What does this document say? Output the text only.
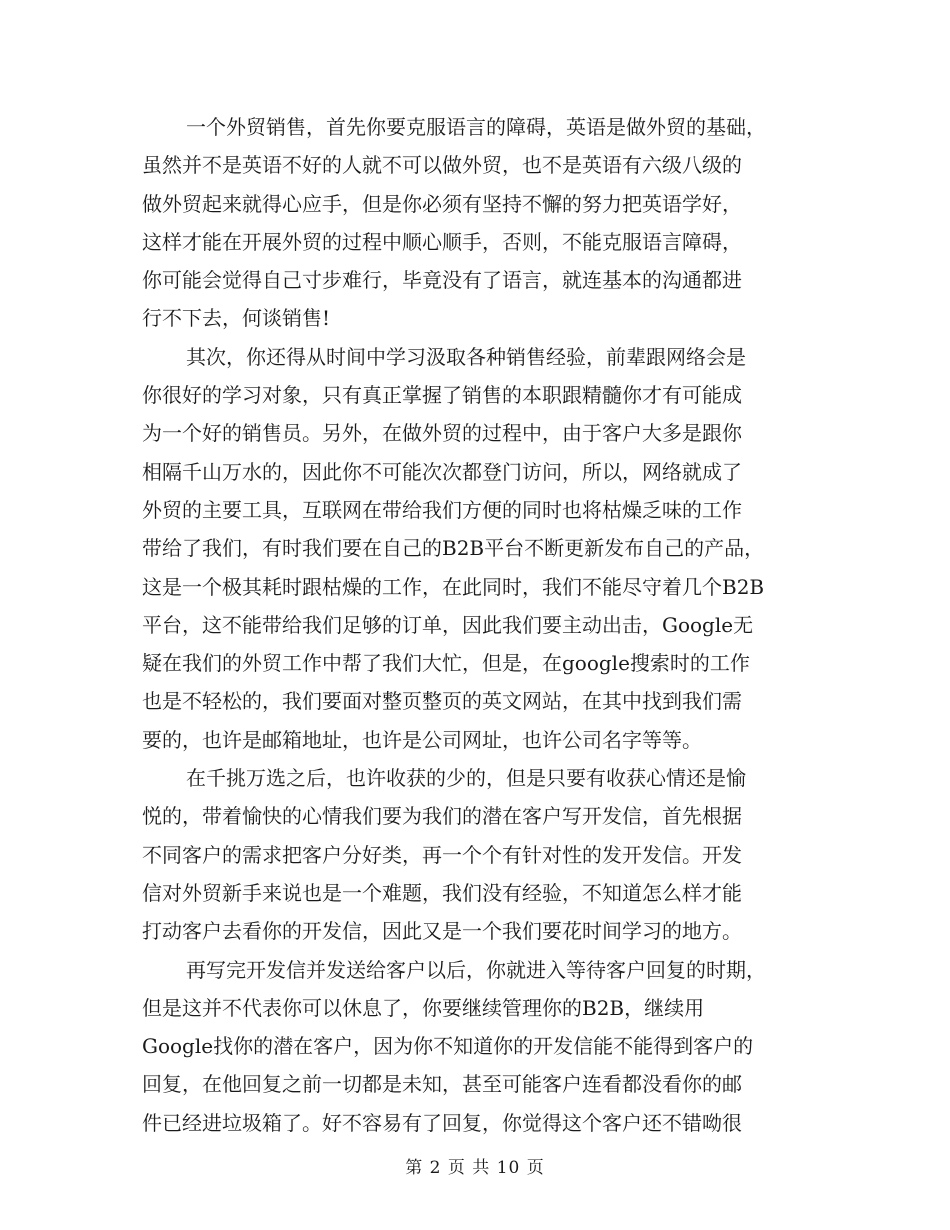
一个外贸销售，首先你要克服语言的障碍，英语是做外贸的基础，
虽然并不是英语不好的人就不可以做外贸，也不是英语有六级八级的
做外贸起来就得心应手，但是你必须有坚持不懈的努力把英语学好，
这样才能在开展外贸的过程中顺心顺手，否则，不能克服语言障碍，
你可能会觉得自己寸步难行，毕竟没有了语言，就连基本的沟通都进
行不下去，何谈销售!
其次，你还得从时间中学习汲取各种销售经验，前辈跟网络会是
你很好的学习对象，只有真正掌握了销售的本职跟精髓你才有可能成
为一个好的销售员。另外，在做外贸的过程中，由于客户大多是跟你
相隔千山万水的，因此你不可能次次都登门访问，所以，网络就成了
外贸的主要工具，互联网在带给我们方便的同时也将枯燥乏味的工作
带给了我们，有时我们要在自己的B2B平台不断更新发布自己的产品，
这是一个极其耗时跟枯燥的工作，在此同时，我们不能尽守着几个B2B
平台，这不能带给我们足够的订单，因此我们要主动出击，Google无
疑在我们的外贸工作中帮了我们大忙，但是，在google搜索时的工作
也是不轻松的，我们要面对整页整页的英文网站，在其中找到我们需
要的，也许是邮箱地址，也许是公司网址，也许公司名字等等。
在千挑万选之后，也许收获的少的，但是只要有收获心情还是愉
悦的，带着愉快的心情我们要为我们的潜在客户写开发信，首先根据
不同客户的需求把客户分好类，再一个个有针对性的发开发信。开发
信对外贸新手来说也是一个难题，我们没有经验，不知道怎么样才能
打动客户去看你的开发信，因此又是一个我们要花时间学习的地方。
再写完开发信并发送给客户以后，你就进入等待客户回复的时期，
但是这并不代表你可以休息了，你要继续管理你的B2B，继续用
Google找你的潜在客户，因为你不知道你的开发信能不能得到客户的
回复，在他回复之前一切都是未知，甚至可能客户连看都没看你的邮
件已经进垃圾箱了。好不容易有了回复，你觉得这个客户还不错呦很
第 2 页 共 10 页
